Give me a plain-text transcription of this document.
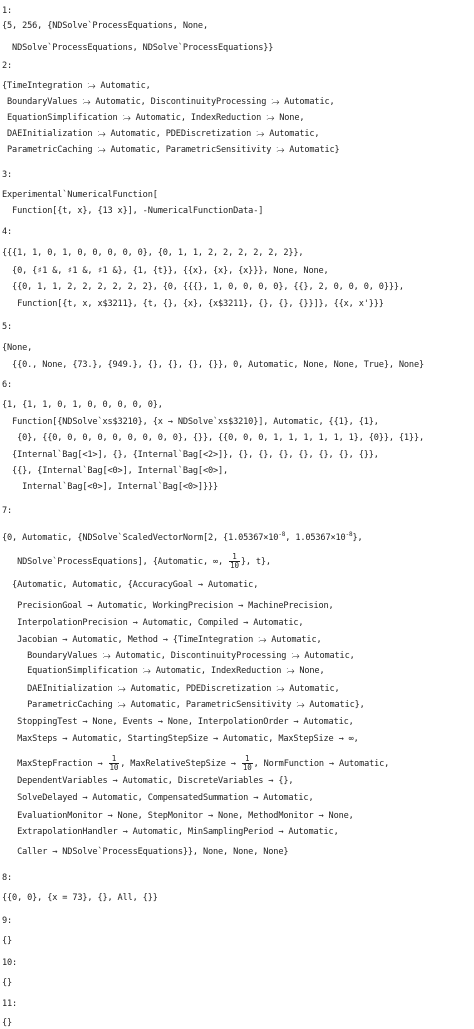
1:
{5, 256, {NDSolve`ProcessEquations, None,
NDSolve`ProcessEquations, NDSolve`ProcessEquations}}
2:
{TimeIntegration ⧴ Automatic,
BoundaryValues ⧴ Automatic, DiscontinuityProcessing ⧴ Automatic,
EquationSimplification ⧴ Automatic, IndexReduction ⧴ None,
DAEInitialization ⧴ Automatic, PDEDiscretization ⧴ Automatic,
ParametricCaching ⧴ Automatic, ParametricSensitivity ⧴ Automatic}
3:
Experimental`NumericalFunction[
Function[{t, x}, {13 x}], -NumericalFunctionData-]
4:
{{{1, 1, 0, 1, 0, 0, 0, 0, 0}, {0, 1, 1, 2, 2, 2, 2, 2, 2}},
{0, {♯1 &, ♯1 &, ♯1 &}, {1, {t}}, {{x}, {x}, {x}}}, None, None,
{{0, 1, 1, 2, 2, 2, 2, 2, 2}, {0, {{{}, 1, 0, 0, 0, 0}, {{}, 2, 0, 0, 0, 0}}},
Function[{t, x, x$3211}, {t, {}, {x}, {x$3211}, {}, {}, {}}]}, {{x, x'}}}
5:
{None,
{{0., None, {73.}, {949.}, {}, {}, {}, {}}, 0, Automatic, None, None, True}, None}
6:
{1, {1, 1, 0, 1, 0, 0, 0, 0, 0},
Function[{NDSolve`xs$3210}, {x → NDSolve`xs$3210}], Automatic, {{1}, {1},
{0}, {{0, 0, 0, 0, 0, 0, 0, 0, 0}, {}}, {{0, 0, 0, 1, 1, 1, 1, 1, 1}, {0}}, {1}},
{Internal`Bag[<1>], {}, {Internal`Bag[<2>]}, {}, {}, {}, {}, {}, {}, {}},
{{}, {Internal`Bag[<0>], Internal`Bag[<0>],
Internal`Bag[<0>], Internal`Bag[<0>]}}}
7:
{0, Automatic, {NDSolve`ScaledVectorNorm[2, {$1.05367\times 10^{-8}$, $1.05367\times 10^{-8}$},
NDSolve`ProcessEquations], {Automatic, ∞, $\frac{1}{10}$ }, t},
{Automatic, Automatic, {AccuracyGoal → Automatic,
PrecisionGoal → Automatic, WorkingPrecision → MachinePrecision,
InterpolationPrecision → Automatic, Compiled → Automatic,
Jacobian → Automatic, Method → {TimeIntegration ⧴ Automatic,
BoundaryValues ⧴ Automatic, DiscontinuityProcessing ⧴ Automatic,
EquationSimplification ⧴ Automatic, IndexReduction ⧴ None,
DAEInitialization ⧴ Automatic, PDEDiscretization ⧴ Automatic,
ParametricCaching ⧴ Automatic, ParametricSensitivity ⧴ Automatic},
StoppingTest → None, Events → None, InterpolationOrder → Automatic,
MaxSteps → Automatic, StartingStepSize → Automatic, MaxStepSize → ∞,
MaxStepFraction → $\frac{1}{10}$ , MaxRelativeStepSize → $\frac{1}{10}$ , NormFunction → Automatic,
DependentVariables → Automatic, DiscreteVariables → {},
SolveDelayed → Automatic, CompensatedSummation → Automatic,
EvaluationMonitor → None, StepMonitor → None, MethodMonitor → None,
ExtrapolationHandler → Automatic, MinSamplingPeriod → Automatic,
Caller → NDSolve`ProcessEquations}}, None, None, None}
8:
{{0, 0}, {x = 73}, {}, All, {}}
9:
{}
10:
{}
11:
{}
